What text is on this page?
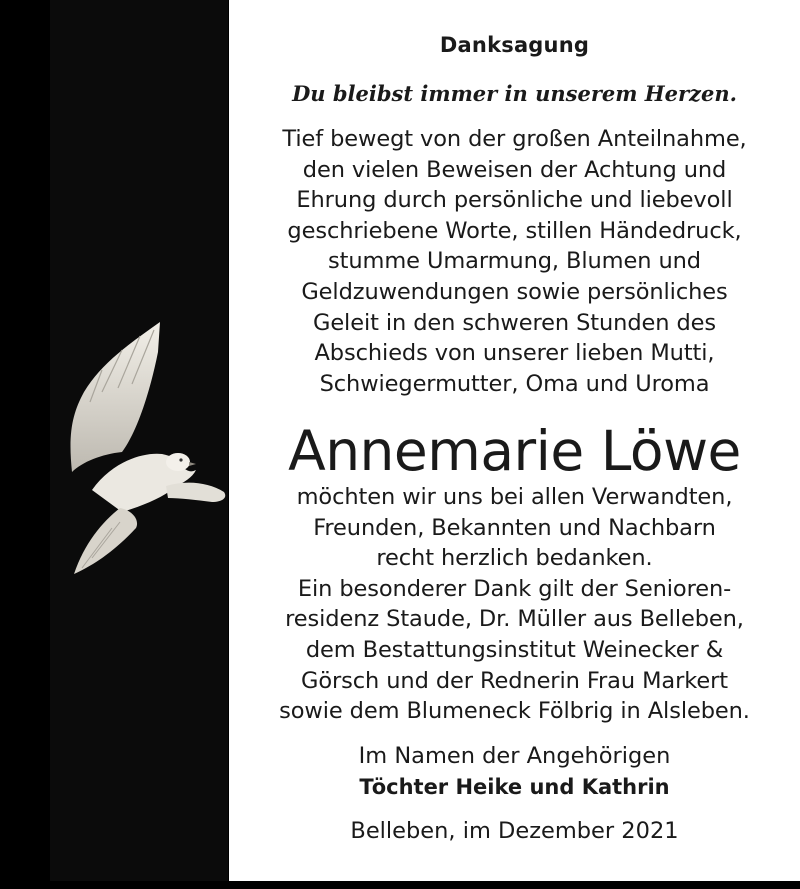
Danksagung
Du bleibst immer in unserem Herzen.
Tief bewegt von der großen Anteilnahme,
den vielen Beweisen der Achtung und
Ehrung durch persönliche und liebevoll
geschriebene Worte, stillen Händedruck,
stumme Umarmung, Blumen und
Geldzuwendungen sowie persönliches
Geleit in den schweren Stunden des
Abschieds von unserer lieben Mutti,
Schwiegermutter, Oma und Uroma
Annemarie Löwe
möchten wir uns bei allen Verwandten,
Freunden, Bekannten und Nachbarn
recht herzlich bedanken.
Ein besonderer Dank gilt der Senioren-
residenz Staude, Dr. Müller aus Belleben,
dem Bestattungsinstitut Weinecker &
Görsch und der Rednerin Frau Markert
sowie dem Blumeneck Fölbrig in Alsleben.
Im Namen der Angehörigen
Töchter Heike und Kathrin
Belleben, im Dezember 2021
